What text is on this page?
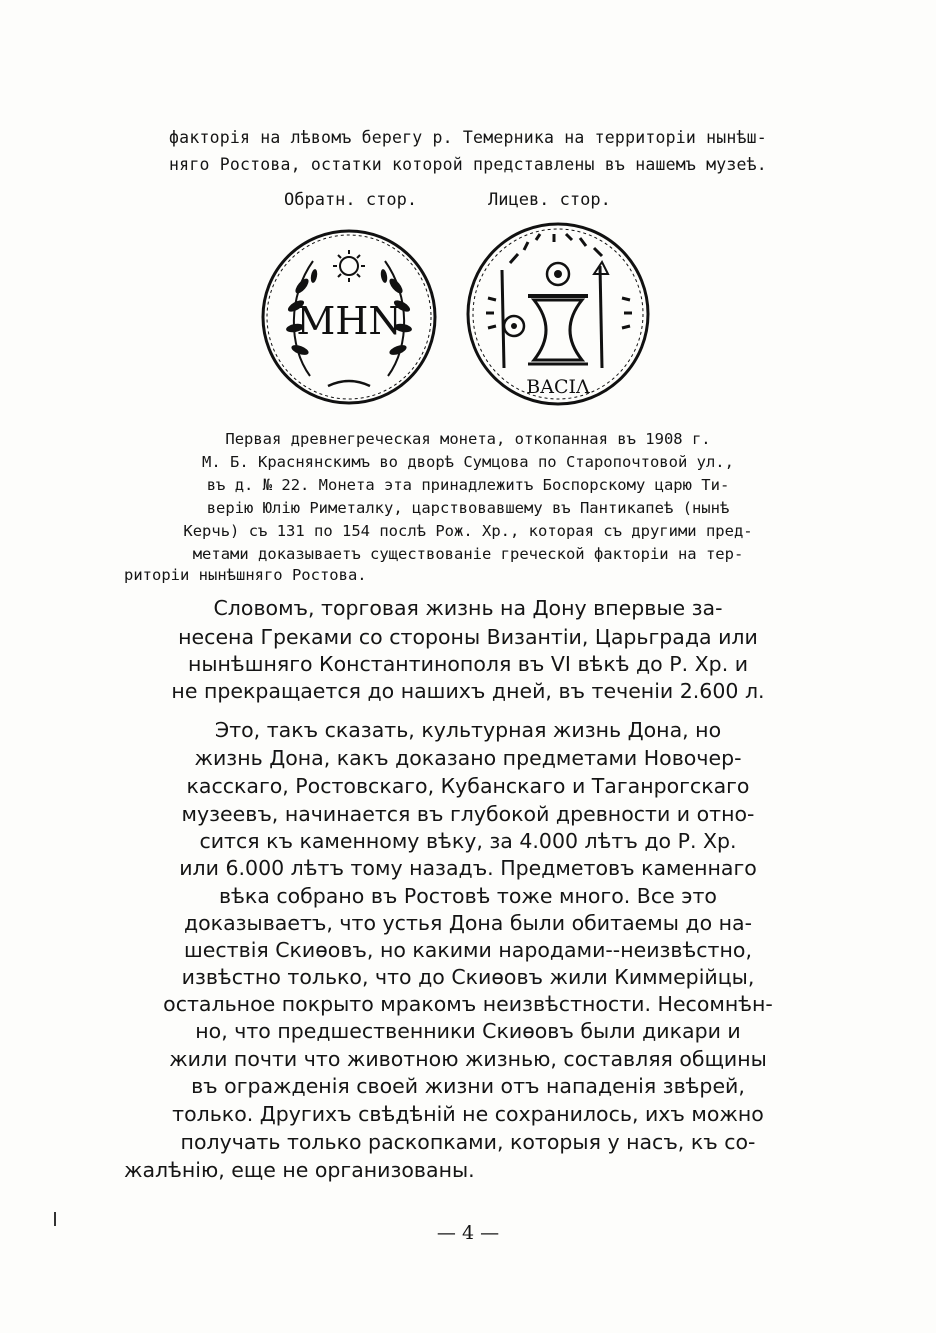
факторія на лѣвомъ берегу р. Темерника на территоріи нынѣш-
няго Ростова, остатки которой представлены въ нашемъ музеѣ.
Обратн. стор.	Лицев. стор.
MHN
ΒΑCIΛ
Первая древнегреческая монета, откопанная въ 1908 г.
М. Б. Краснянскимъ во дворѣ Сумцова по Старопочтовой ул.,
въ д. № 22. Монета эта принадлежитъ Боспорскому царю Ти-
верію Юлію Риметалку, царствовавшему въ Пантикапеѣ (нынѣ
Керчь) съ 131 по 154 послѣ Рож. Хр., которая съ другими пред-
метами доказываетъ существованіе греческой факторіи на тер-
риторіи нынѣшняго Ростова.
Словомъ, торговая жизнь на Дону впервые за-
несена Греками со стороны Византіи, Царьграда или
нынѣшняго Константинополя въ VI вѣкѣ до Р. Хр. и
не прекращается до нашихъ дней, въ теченіи 2.600 л.
Это, такъ сказать, культурная жизнь Дона, но
жизнь Дона, какъ доказано предметами Новочер-
касскаго, Ростовскаго, Кубанскаго и Таганрогскаго
музеевъ, начинается въ глубокой древности и отно-
сится къ каменному вѣку, за 4.000 лѣтъ до Р. Хр.
или 6.000 лѣтъ тому назадъ. Предметовъ каменнаго
вѣка собрано въ Ростовѣ тоже много. Все это
доказываетъ, что устья Дона были обитаемы до на-
шествія Скиѳовъ, но какими народами--неизвѣстно,
извѣстно только, что до Скиѳовъ жили Киммерійцы,
остальное покрыто мракомъ неизвѣстности. Несомнѣн-
но, что предшественники Скиѳовъ были дикари и
жили почти что животною жизнью, составляя общины
въ огражденія своей жизни отъ нападенія звѣрей,
только. Другихъ свѣдѣній не сохранилось, ихъ можно
получать только раскопками, которыя у насъ, къ со-
жалѣнію, еще не организованы.
— 4 —
